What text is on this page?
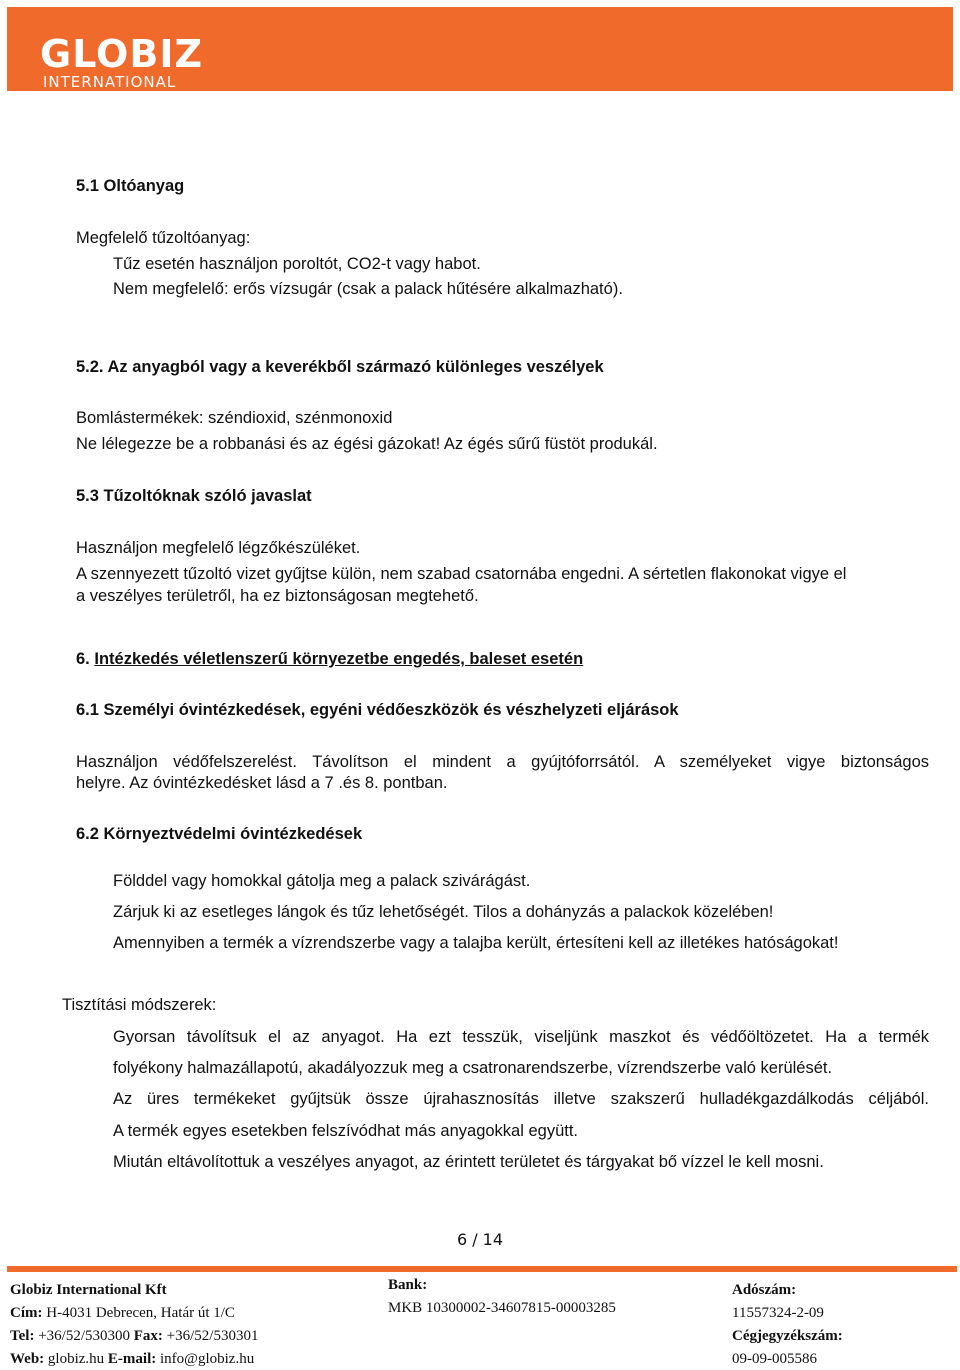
GLOBIZ
INTERNATIONAL
5.1 Oltóanyag
Megfelelő tűzoltóanyag:
Tűz esetén használjon poroltót, CO2-t vagy habot.
Nem megfelelő: erős vízsugár (csak a palack hűtésére alkalmazható).
5.2. Az anyagból vagy a keverékből származó különleges veszélyek
Bomlástermékek: széndioxid, szénmonoxid
Ne lélegezze be a robbanási és az égési gázokat! Az égés sűrű füstöt produkál.
5.3 Tűzoltóknak szóló javaslat
Használjon megfelelő légzőkészüléket.
A szennyezett tűzoltó vizet gyűjtse külön, nem szabad csatornába engedni. A sértetlen flakonokat vigye el
a veszélyes területről, ha ez biztonságosan megtehető.
6. Intézkedés véletlenszerű környezetbe engedés, baleset esetén
6.1 Személyi óvintézkedések, egyéni védőeszközök és vészhelyzeti eljárások
Használjon védőfelszerelést. Távolítson el mindent a gyújtóforrsától. A személyeket vigye biztonságos
helyre. Az óvintézkedésket lásd a 7 .és 8. pontban.
6.2 Környeztvédelmi óvintézkedések
Földdel vagy homokkal gátolja meg a palack szivárágást.
Zárjuk ki az esetleges lángok és tűz lehetőségét. Tilos a dohányzás a palackok közelében!
Amennyiben a termék a vízrendszerbe vagy a talajba került, értesíteni kell az illetékes hatóságokat!
Tisztítási módszerek:
Gyorsan távolítsuk el az anyagot. Ha ezt tesszük, viseljünk maszkot és védőöltözetet. Ha a termék
folyékony halmazállapotú, akadályozzuk meg a csatronarendszerbe, vízrendszerbe való kerülését.
Az üres termékeket gyűjtsük össze újrahasznosítás illetve szakszerű hulladékgazdálkodás céljából.
A termék egyes esetekben felszívódhat más anyagokkal együtt.
Miután eltávolítottuk a veszélyes anyagot, az érintett területet és tárgyakat bő vízzel le kell mosni.
6 / 14
Globiz International Kft
Cím: H-4031 Debrecen, Határ út 1/C
Tel: +36/52/530300 Fax: +36/52/530301
Web: globiz.hu E-mail: info@globiz.hu
Bank:
MKB 10300002-34607815-00003285
Adószám:
11557324-2-09
Cégjegyzékszám:
09-09-005586
